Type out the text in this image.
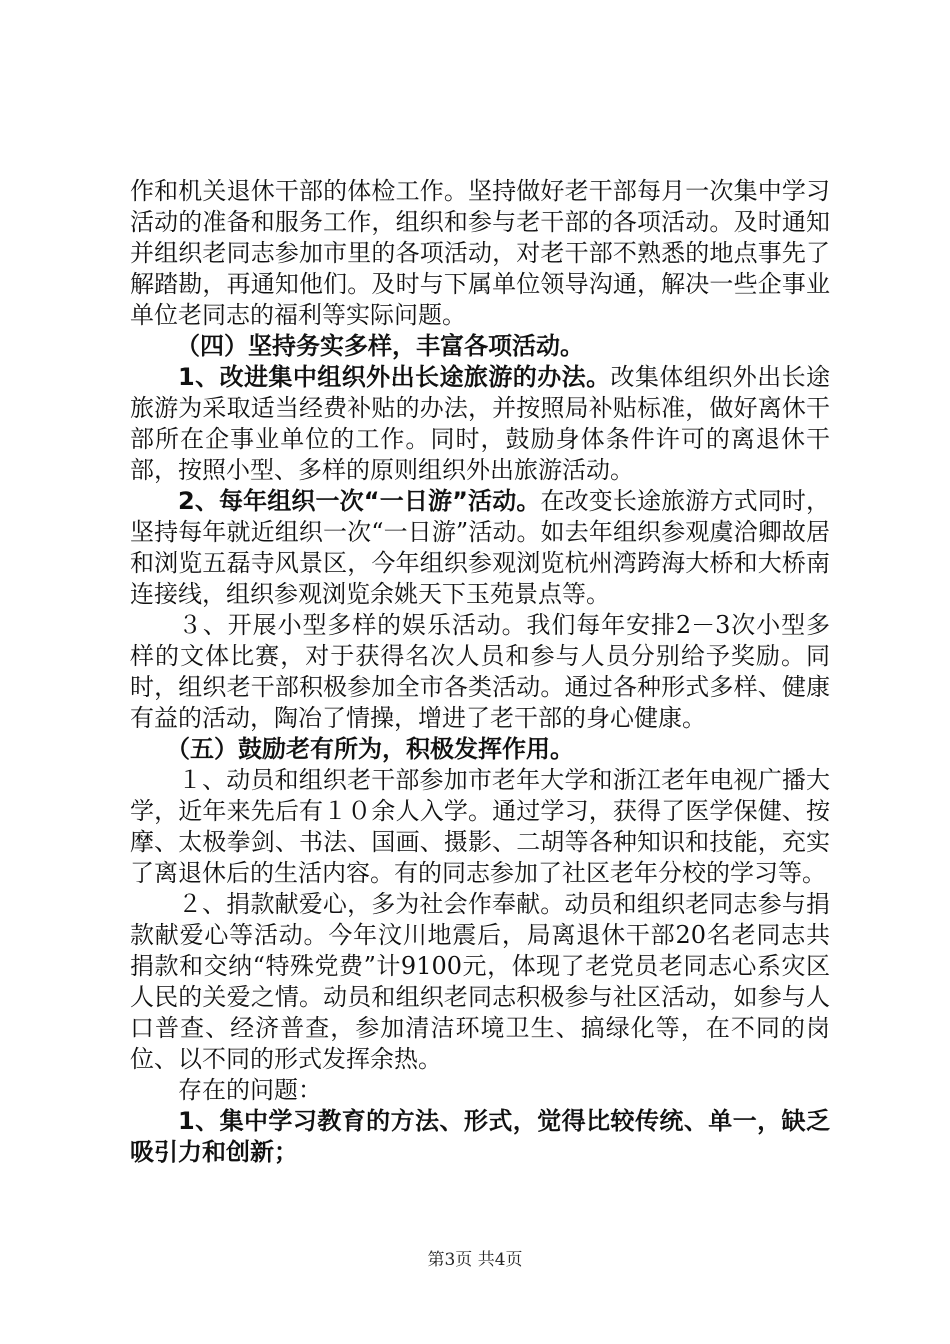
作和机关退休干部的体检工作。坚持做好老干部每月一次集中学习活动的准备和服务工作，组织和参与老干部的各项活动。及时通知并组织老同志参加市里的各项活动，对老干部不熟悉的地点事先了解踏勘，再通知他们。及时与下属单位领导沟通，解决一些企事业单位老同志的福利等实际问题。

（四）坚持务实多样，丰富各项活动。

1、改进集中组织外出长途旅游的办法。改集体组织外出长途旅游为采取适当经费补贴的办法，并按照局补贴标准，做好离休干部所在企事业单位的工作。同时，鼓励身体条件许可的离退休干部，按照小型、多样的原则组织外出旅游活动。

2、每年组织一次“一日游”活动。在改变长途旅游方式同时，坚持每年就近组织一次“一日游”活动。如去年组织参观虞洽卿故居和浏览五磊寺风景区，今年组织参观浏览杭州湾跨海大桥和大桥南连接线，组织参观浏览余姚天下玉苑景点等。

３、开展小型多样的娱乐活动。我们每年安排2－3次小型多样的文体比赛，对于获得名次人员和参与人员分别给予奖励。同时，组织老干部积极参加全市各类活动。通过各种形式多样、健康有益的活动，陶冶了情操，增进了老干部的身心健康。

（五）鼓励老有所为，积极发挥作用。

１、动员和组织老干部参加市老年大学和浙江老年电视广播大学，近年来先后有１０余人入学。通过学习，获得了医学保健、按摩、太极拳剑、书法、国画、摄影、二胡等各种知识和技能，充实了离退休后的生活内容。有的同志参加了社区老年分校的学习等。

２、捐款献爱心，多为社会作奉献。动员和组织老同志参与捐款献爱心等活动。今年汶川地震后，局离退休干部20名老同志共捐款和交纳“特殊党费”计9100元，体现了老党员老同志心系灾区人民的关爱之情。动员和组织老同志积极参与社区活动，如参与人口普查、经济普查，参加清洁环境卫生、搞绿化等，在不同的岗位、以不同的形式发挥余热。

存在的问题：

1、集中学习教育的方法、形式，觉得比较传统、单一，缺乏吸引力和创新；

第3页 共4页
